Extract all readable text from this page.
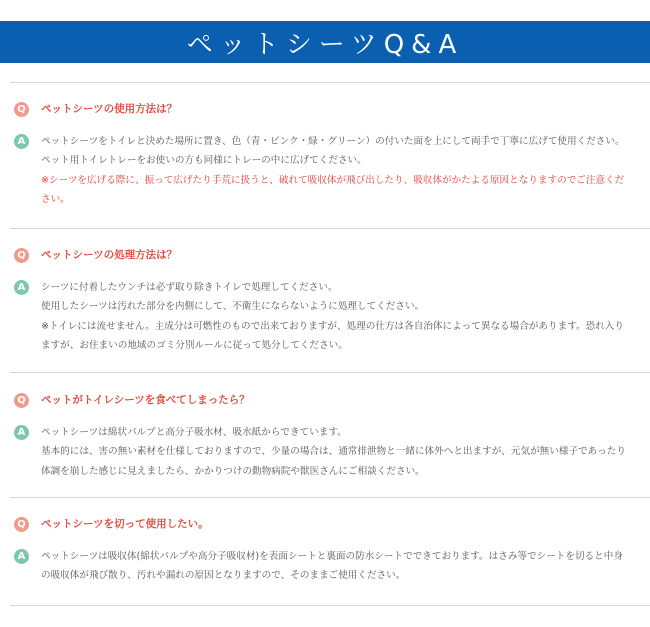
ペットシーツQ&A
Q	ペットシーツの使用方法は？
A	ペットシーツをトイレと決めた場所に置き、色（青・ピンク・緑・グリーン）の付いた面を上にして両手で丁寧に広げて使用ください。
ペット用トイレトレーをお使いの方も同様にトレーの中に広げてください。
※シーツを広げる際に、振って広げたり手荒に扱うと、破れて吸収体が飛び出したり、吸収体がかたよる原因となりますのでご注意くだ
さい。
Q	ペットシーツの処理方法は？
A	シーツに付着したウンチは必ず取り除きトイレで処理してください。
使用したシーツは汚れた部分を内側にして、不衛生にならないように処理してください。
※トイレには流せません。主成分は可燃性のもので出来ておりますが、処理の仕方は各自治体によって異なる場合があります。恐れ入り
ますが、お住まいの地域のゴミ分別ルールに従って処分してください。
Q	ペットがトイレシーツを食べてしまったら？
A	ペットシーツは綿状パルプと高分子吸水材、吸水紙からできています。
基本的には、害の無い素材を仕様しておりますので、少量の場合は、通常排泄物と一緒に体外へと出ますが、元気が無い様子であったり
体調を崩した感じに見えましたら、かかりつけの動物病院や獣医さんにご相談ください。
Q	ペットシーツを切って使用したい。
A	ペットシーツは吸収体(綿状パルプや高分子吸収材)を表面シートと裏面の防水シートでできております。はさみ等でシートを切ると中身
の吸収体が飛び散り、汚れや漏れの原因となりますので、そのままご使用ください。
